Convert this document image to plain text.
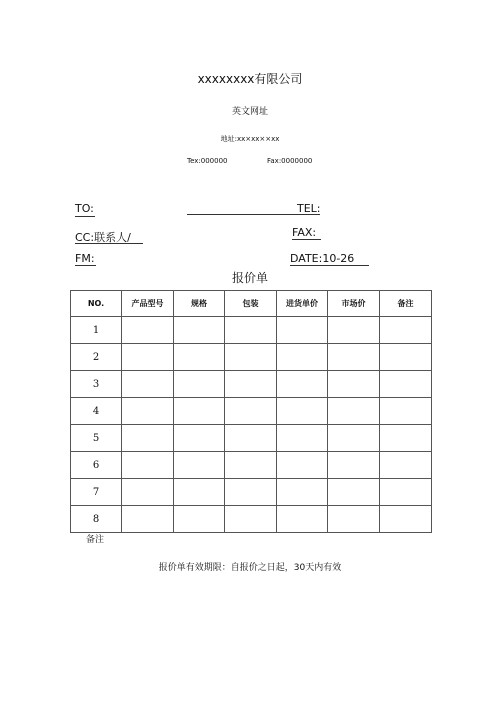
xxxxxxxx有限公司
英文网址
地址:xx×xx××xx
Tex:000000	Fax:0000000
TO:	TEL:
CC:联系人/	FAX:
FM:	DATE:10-26
报价单
NO.	产品型号	规格	包装	进货单价	市场价	备注
1						
2						
3						
4						
5						
6						
7						
8						
备注
报价单有效期限：自报价之日起，30天内有效
